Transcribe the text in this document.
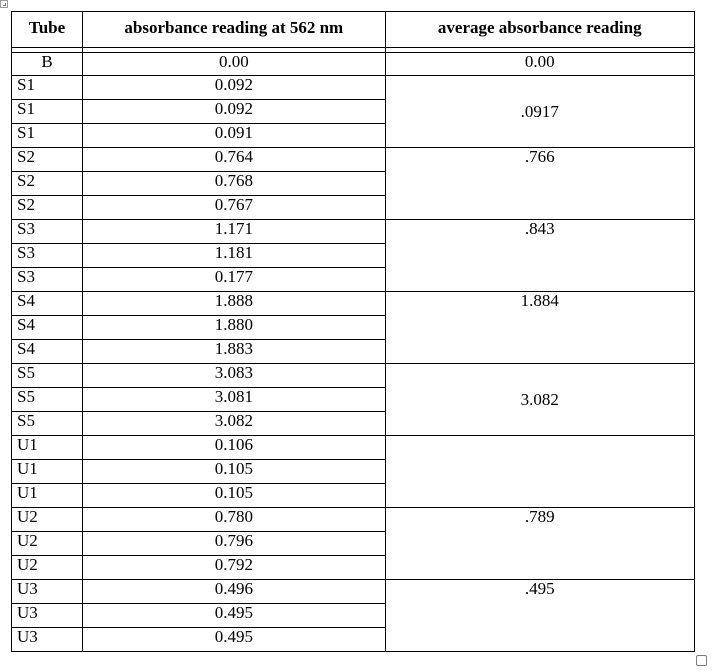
Tube	absorbance reading at 562 nm	average absorbance reading

B	0.00	0.00
S1	0.092	.0917
S1	0.092	
S1	0.091	
S2	0.764	.766
S2	0.768	
S2	0.767	
S3	1.171	.843
S3	1.181	
S3	0.177	
S4	1.888	1.884
S4	1.880	
S4	1.883	
S5	3.083	3.082
S5	3.081	
S5	3.082	
U1	0.106	
U1	0.105	
U1	0.105	
U2	0.780	.789
U2	0.796	
U2	0.792	
U3	0.496	.495
U3	0.495	
U3	0.495	
